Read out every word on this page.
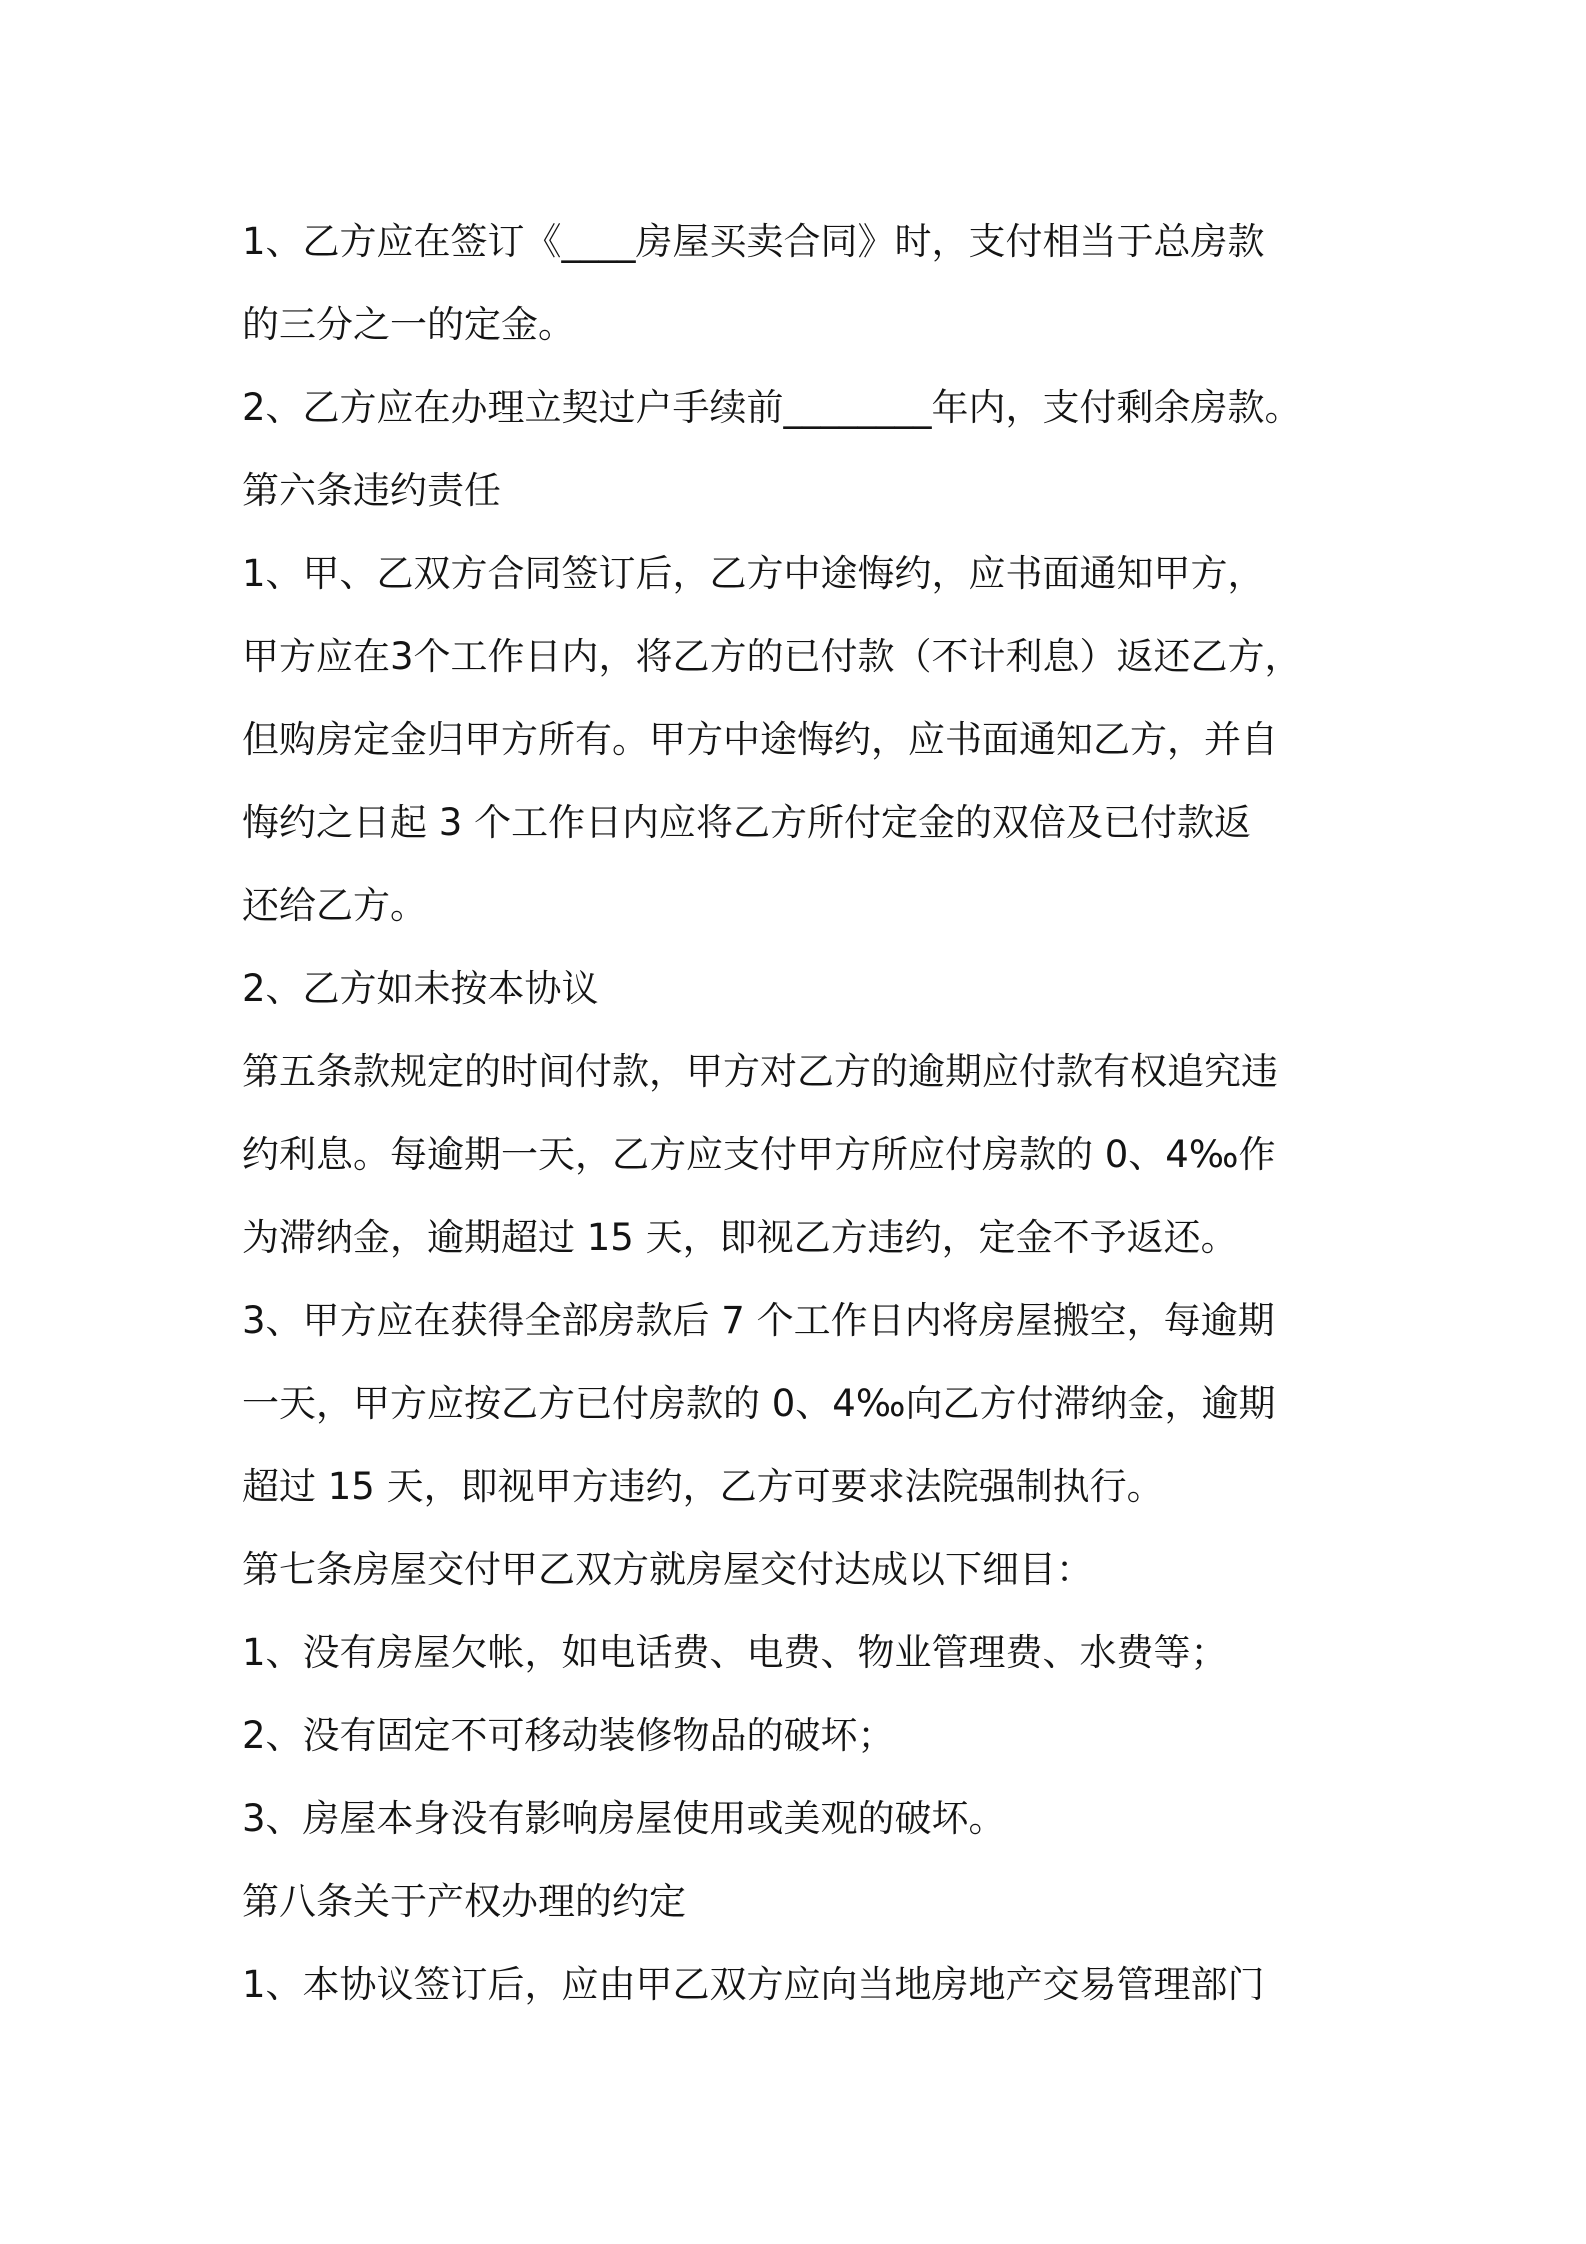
1、乙方应在签订《____房屋买卖合同》时，支付相当于总房款
的三分之一的定金。
2、乙方应在办理立契过户手续前________年内，支付剩余房款。
第六条违约责任
1、甲、乙双方合同签订后，乙方中途悔约，应书面通知甲方，
甲方应在3个工作日内，将乙方的已付款（不计利息）返还乙方，
但购房定金归甲方所有。甲方中途悔约，应书面通知乙方，并自
悔约之日起 3 个工作日内应将乙方所付定金的双倍及已付款返
还给乙方。
2、乙方如未按本协议
第五条款规定的时间付款，甲方对乙方的逾期应付款有权追究违
约利息。每逾期一天，乙方应支付甲方所应付房款的 0、4‰作
为滞纳金，逾期超过 15 天，即视乙方违约，定金不予返还。
3、甲方应在获得全部房款后 7 个工作日内将房屋搬空，每逾期
一天，甲方应按乙方已付房款的 0、4‰向乙方付滞纳金，逾期
超过 15 天，即视甲方违约，乙方可要求法院强制执行。
第七条房屋交付甲乙双方就房屋交付达成以下细目：
1、没有房屋欠帐，如电话费、电费、物业管理费、水费等；
2、没有固定不可移动装修物品的破坏；
3、房屋本身没有影响房屋使用或美观的破坏。
第八条关于产权办理的约定
1、本协议签订后，应由甲乙双方应向当地房地产交易管理部门
